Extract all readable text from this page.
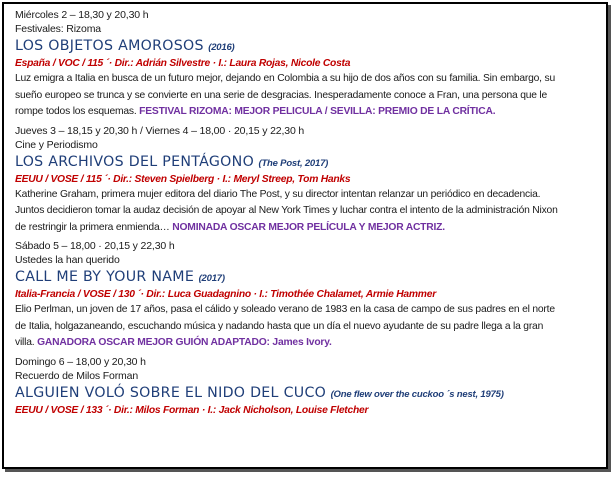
Miércoles 2 – 18,30 y 20,30 h
Festivales: Rizoma
LOS OBJETOS AMOROSOS (2016)
España / VOC / 115 ´· Dir.: Adrián Silvestre · I.: Laura Rojas, Nicole Costa
Luz emigra a Italia en busca de un futuro mejor, dejando en Colombia a su hijo de dos años con su familia. Sin embargo, su
sueño europeo se trunca y se convierte en una serie de desgracias. Inesperadamente conoce a Fran, una persona que le
rompe todos los esquemas. FESTIVAL RIZOMA: MEJOR PELICULA / SEVILLA: PREMIO DE LA CRÍTICA.
Jueves 3 – 18,15 y 20,30 h / Viernes 4 – 18,00 · 20,15 y 22,30 h
Cine y Periodismo
LOS ARCHIVOS DEL PENTÁGONO (The Post, 2017)
EEUU / VOSE / 115 ´· Dir.: Steven Spielberg · I.: Meryl Streep, Tom Hanks
Katherine Graham, primera mujer editora del diario The Post, y su director intentan relanzar un periódico en decadencia.
Juntos decidieron tomar la audaz decisión de apoyar al New York Times y luchar contra el intento de la administración Nixon
de restringir la primera enmienda… NOMINADA OSCAR MEJOR PELÍCULA Y MEJOR ACTRIZ.
Sábado 5 – 18,00 · 20,15 y 22,30 h
Ustedes la han querido
CALL ME BY YOUR NAME (2017)
Italia-Francia / VOSE / 130 ´· Dir.: Luca Guadagnino · I.: Timothée Chalamet, Armie Hammer
Elio Perlman, un joven de 17 años, pasa el cálido y soleado verano de 1983 en la casa de campo de sus padres en el norte
de Italia, holgazaneando, escuchando música y nadando hasta que un día el nuevo ayudante de su padre llega a la gran
villa. GANADORA OSCAR MEJOR GUIÓN ADAPTADO: James Ivory.
Domingo 6 – 18,00 y 20,30 h
Recuerdo de Milos Forman
ALGUIEN VOLÓ SOBRE EL NIDO DEL CUCO (One flew over the cuckoo ´s nest, 1975)
EEUU / VOSE / 133 ´· Dir.: Milos Forman · I.: Jack Nicholson, Louise Fletcher
